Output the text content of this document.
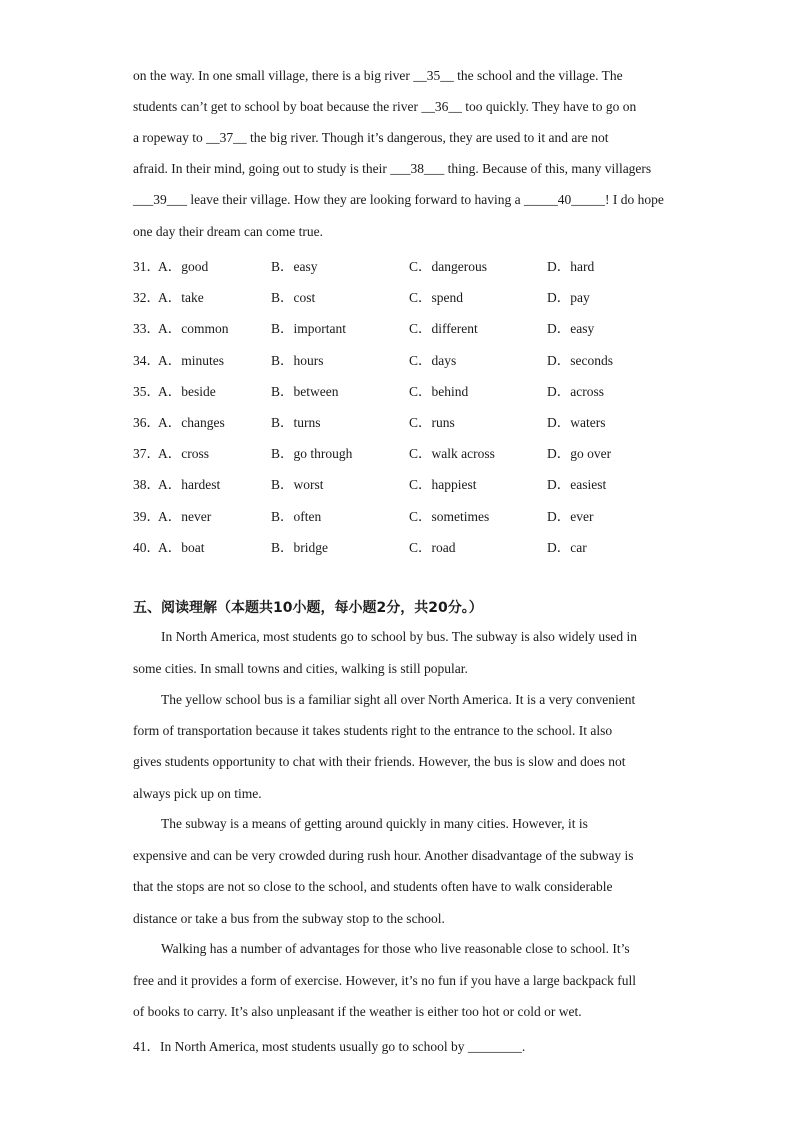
on the way. In one small village, there is a big river __35__ the school and the village. The
students can’t get to school by boat because the river __36__ too quickly. They have to go on
a ropeway to __37__ the big river. Though it’s dangerous, they are used to it and are not
afraid. In their mind, going out to study is their ___38___ thing. Because of this, many villagers
___39___ leave their village. How they are looking forward to having a _____40_____! I do hope
one day their dream can come true.
31．
A．good	B．easy	C．dangerous	D．hard
32．
A．take	B．cost	C．spend	D．pay
33．
A．common	B．important	C．different	D．easy
34．
A．minutes	B．hours	C．days	D．seconds
35．
A．beside	B．between	C．behind	D．across
36．
A．changes	B．turns	C．runs	D．waters
37．
A．cross	B．go through	C．walk across	D．go over
38．
A．hardest	B．worst	C．happiest	D．easiest
39．
A．never	B．often	C．sometimes	D．ever
40．
A．boat	B．bridge	C．road	D．car
五、阅读理解（本题共10小题，每小题2分，共20分。）
In North America, most students go to school by bus. The subway is also widely used in
some cities. In small towns and cities, walking is still popular.
The yellow school bus is a familiar sight all over North America. It is a very convenient
form of transportation because it takes students right to the entrance to the school. It also
gives students opportunity to chat with their friends. However, the bus is slow and does not
always pick up on time.
The subway is a means of getting around quickly in many cities. However, it is
expensive and can be very crowded during rush hour. Another disadvantage of the subway is
that the stops are not so close to the school, and students often have to walk considerable
distance or take a bus from the subway stop to the school.
Walking has a number of advantages for those who live reasonable close to school. It’s
free and it provides a form of exercise. However, it’s no fun if you have a large backpack full
of books to carry. It’s also unpleasant if the weather is either too hot or cold or wet.
41．In North America, most students usually go to school by ________.
